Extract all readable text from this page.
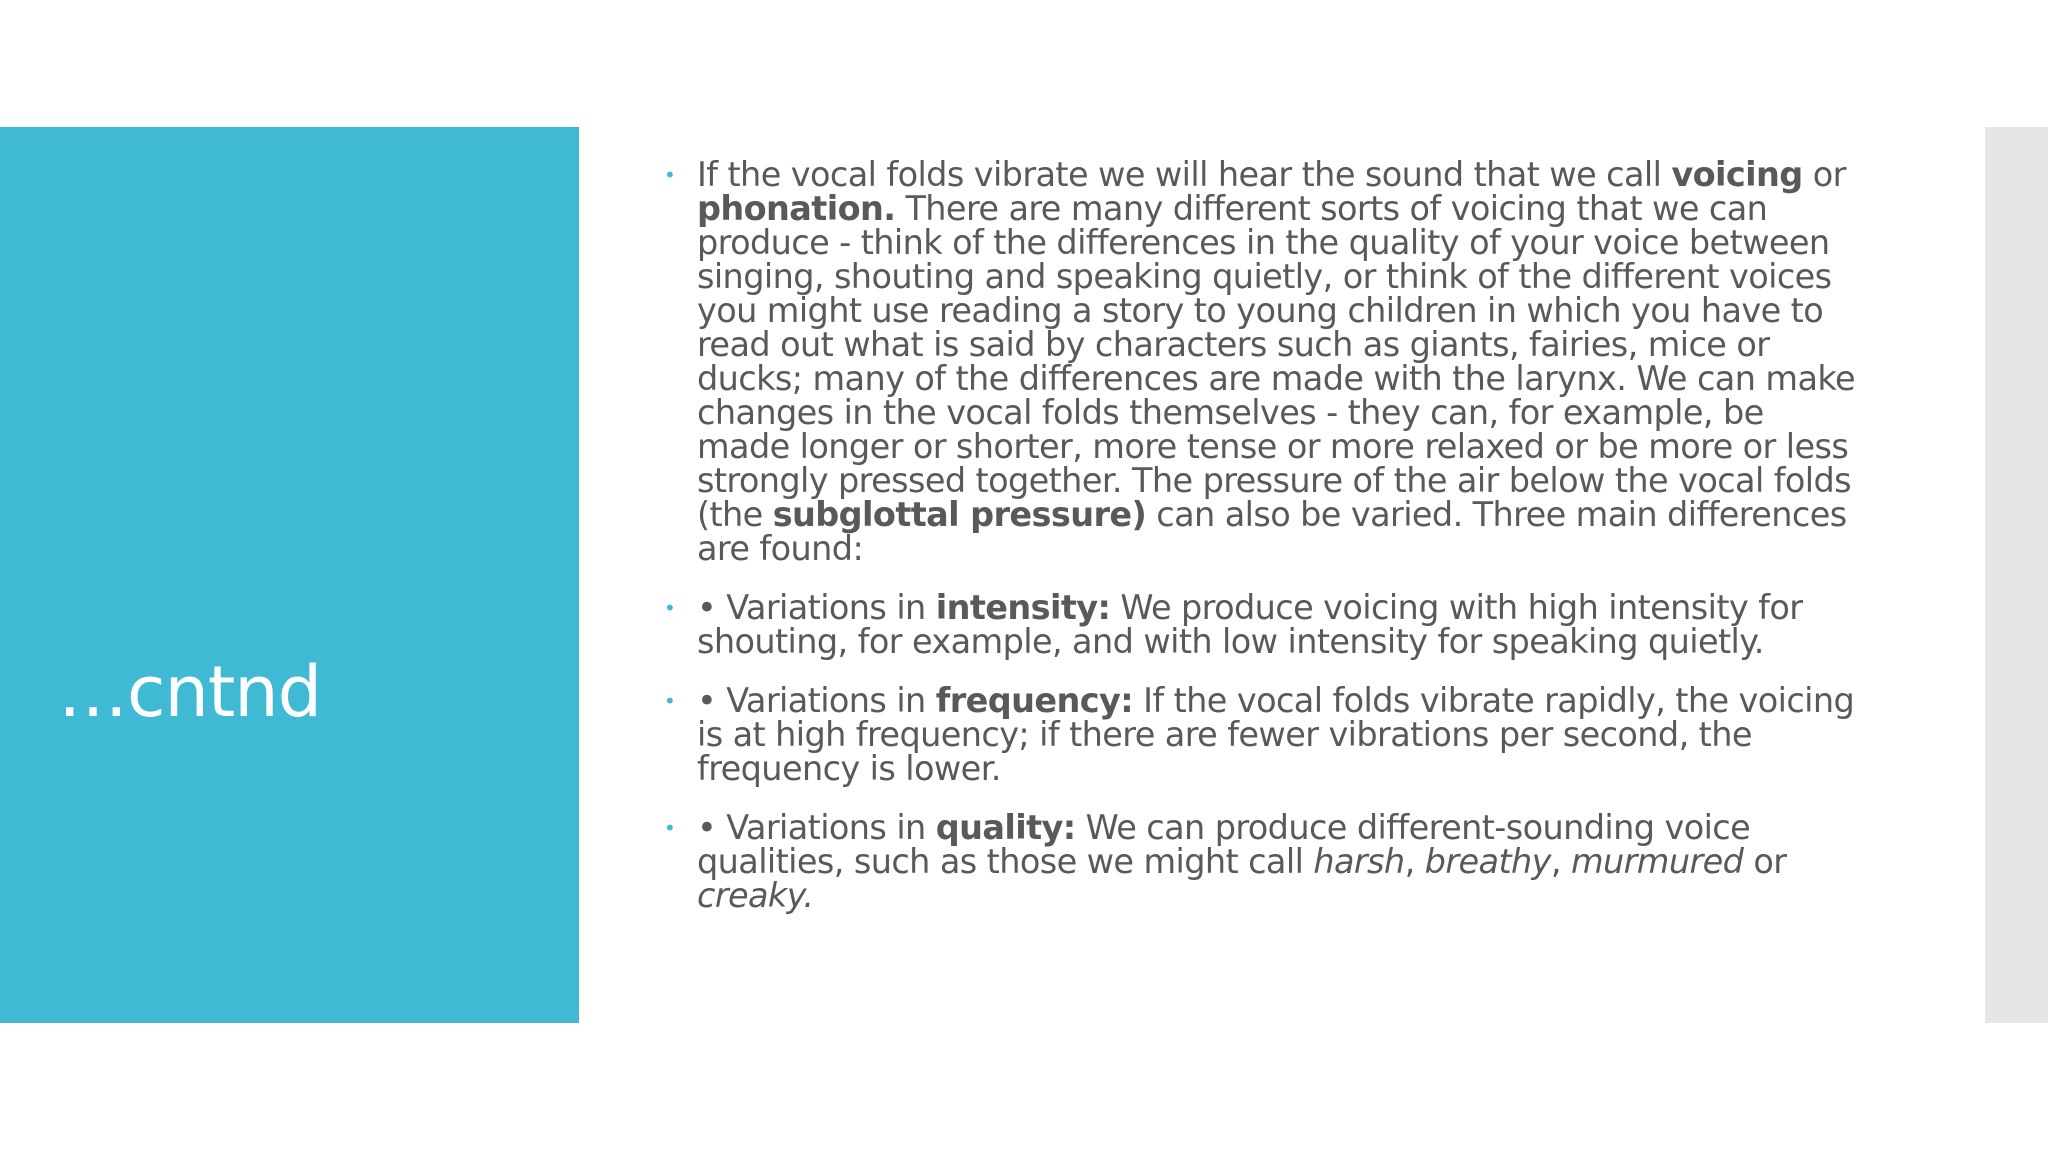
…cntnd
• If the vocal folds vibrate we will hear the sound that we call voicing or phonation. There are many different sorts of voicing that we can produce - think of the differences in the quality of your voice between singing, shouting and speaking quietly, or think of the different voices you might use reading a story to young children in which you have to read out what is said by characters such as giants, fairies, mice or ducks; many of the differences are made with the larynx. We can make changes in the vocal folds themselves - they can, for example, be made longer or shorter, more tense or more relaxed or be more or less strongly pressed together. The pressure of the air below the vocal folds (the subglottal pressure) can also be varied. Three main differences are found:
• • Variations in intensity: We produce voicing with high intensity for shouting, for example, and with low intensity for speaking quietly.
• • Variations in frequency: If the vocal folds vibrate rapidly, the voicing is at high frequency; if there are fewer vibrations per second, the frequency is lower.
• • Variations in quality: We can produce different-sounding voice qualities, such as those we might call harsh, breathy, murmured or creaky.
